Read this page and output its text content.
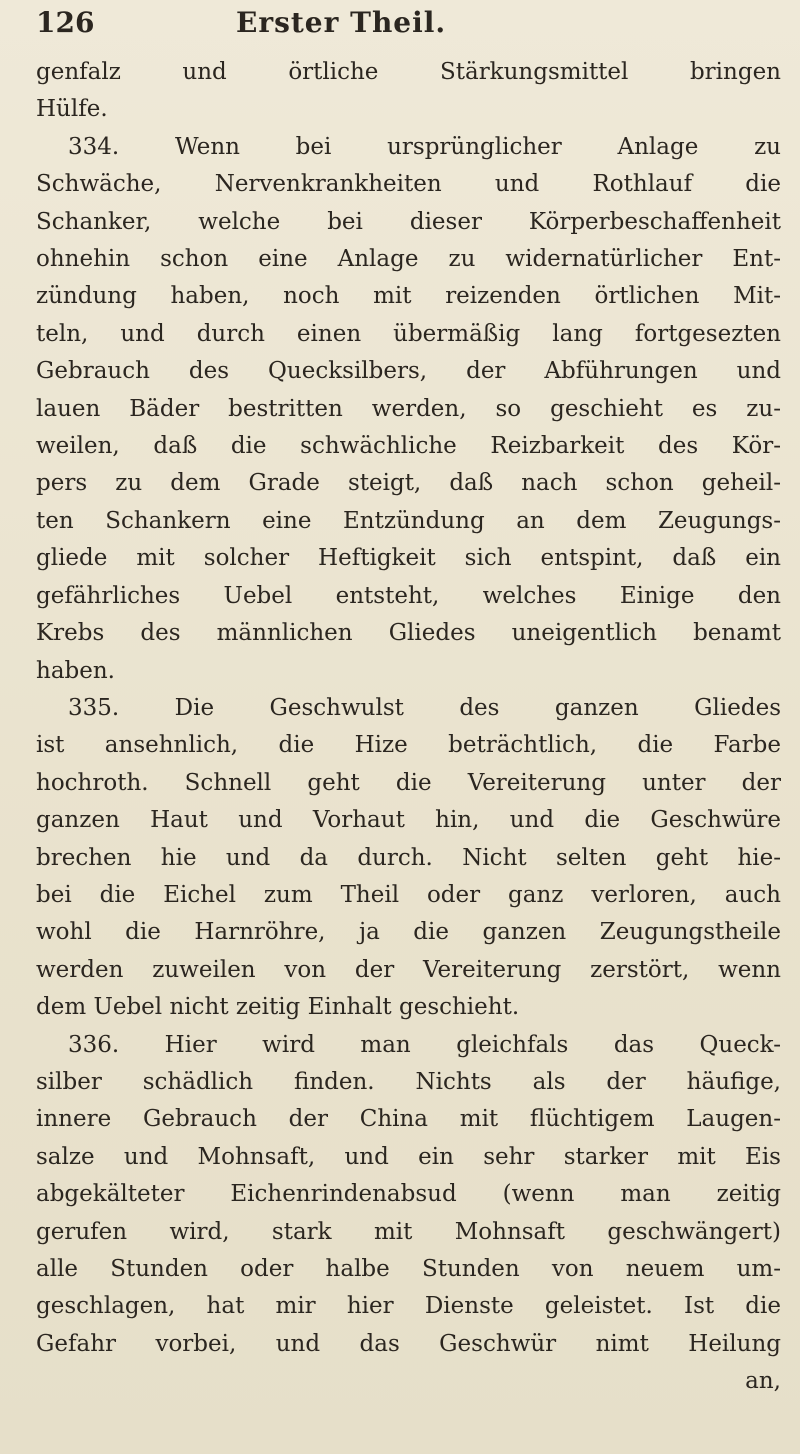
126	Erster Theil.
genfalz und örtliche Stärkungsmittel bringen
Hülfe.
334. Wenn bei ursprünglicher Anlage zu
Schwäche, Nervenkrankheiten und Rothlauf die
Schanker, welche bei dieser Körperbeschaffenheit
ohnehin schon eine Anlage zu widernatürlicher Ent-
zündung haben, noch mit reizenden örtlichen Mit-
teln, und durch einen übermäßig lang fortgesezten
Gebrauch des Quecksilbers, der Abführungen und
lauen Bäder bestritten werden, so geschieht es zu-
weilen, daß die schwächliche Reizbarkeit des Kör-
pers zu dem Grade steigt, daß nach schon geheil-
ten Schankern eine Entzündung an dem Zeugungs-
gliede mit solcher Heftigkeit sich entspint, daß ein
gefährliches Uebel entsteht, welches Einige den
Krebs des männlichen Gliedes uneigentlich benamt
haben.
335. Die Geschwulst des ganzen Gliedes
ist ansehnlich, die Hize beträchtlich, die Farbe
hochroth. Schnell geht die Vereiterung unter der
ganzen Haut und Vorhaut hin, und die Geschwüre
brechen hie und da durch. Nicht selten geht hie-
bei die Eichel zum Theil oder ganz verloren, auch
wohl die Harnröhre, ja die ganzen Zeugungstheile
werden zuweilen von der Vereiterung zerstört, wenn
dem Uebel nicht zeitig Einhalt geschieht.
336. Hier wird man gleichfals das Queck-
silber schädlich finden. Nichts als der häufige,
innere Gebrauch der China mit flüchtigem Laugen-
salze und Mohnsaft, und ein sehr starker mit Eis
abgekälteter Eichenrindenabsud (wenn man zeitig
gerufen wird, stark mit Mohnsaft geschwängert)
alle Stunden oder halbe Stunden von neuem um-
geschlagen, hat mir hier Dienste geleistet. Ist die
Gefahr vorbei, und das Geschwür nimt Heilung
an,
